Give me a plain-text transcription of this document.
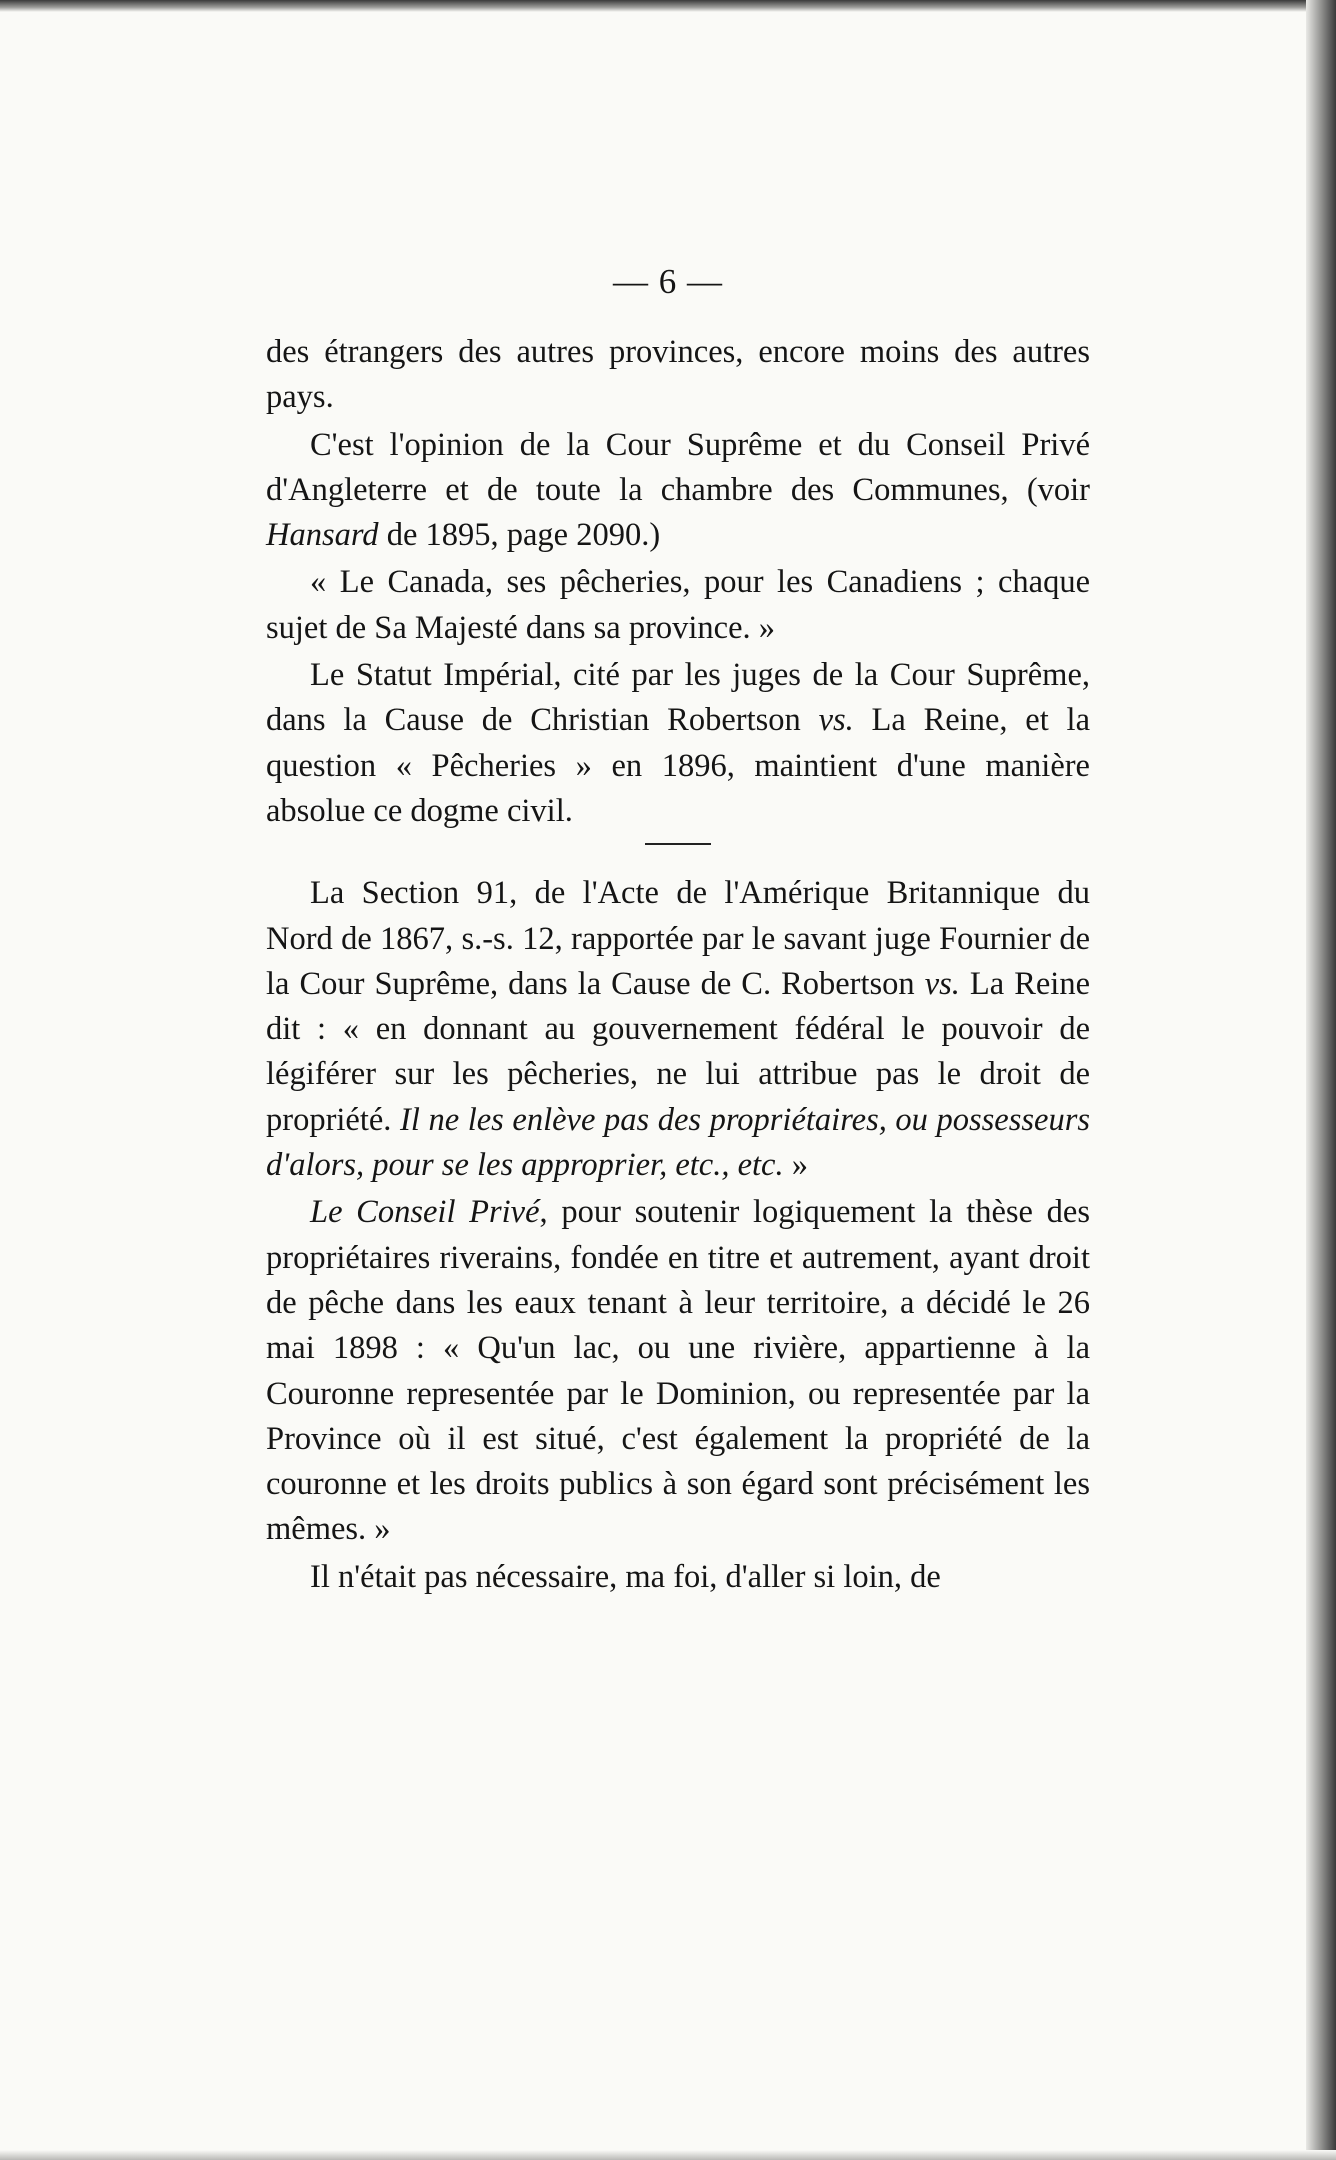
— 6 —

des étrangers des autres provinces, encore moins des autres pays.

C'est l'opinion de la Cour Suprême et du Conseil Privé d'Angleterre et de toute la chambre des Communes, (voir Hansard de 1895, page 2090.)

« Le Canada, ses pêcheries, pour les Canadiens ; chaque sujet de Sa Majesté dans sa province. »

Le Statut Impérial, cité par les juges de la Cour Suprême, dans la Cause de Christian Robertson vs. La Reine, et la question « Pêcheries » en 1896, maintient d'une manière absolue ce dogme civil.

La Section 91, de l'Acte de l'Amérique Britannique du Nord de 1867, s.-s. 12, rapportée par le savant juge Fournier de la Cour Suprême, dans la Cause de C. Robertson vs. La Reine dit : « en donnant au gouvernement fédéral le pouvoir de légiférer sur les pêcheries, ne lui attribue pas le droit de propriété. Il ne les enlève pas des propriétaires, ou possesseurs d'alors, pour se les approprier, etc., etc. »

Le Conseil Privé, pour soutenir logiquement la thèse des propriétaires riverains, fondée en titre et autrement, ayant droit de pêche dans les eaux tenant à leur territoire, a décidé le 26 mai 1898 : « Qu'un lac, ou une rivière, appartienne à la Couronne representée par le Dominion, ou representée par la Province où il est situé, c'est également la propriété de la couronne et les droits publics à son égard sont précisément les mêmes. »

Il n'était pas nécessaire, ma foi, d'aller si loin, de
